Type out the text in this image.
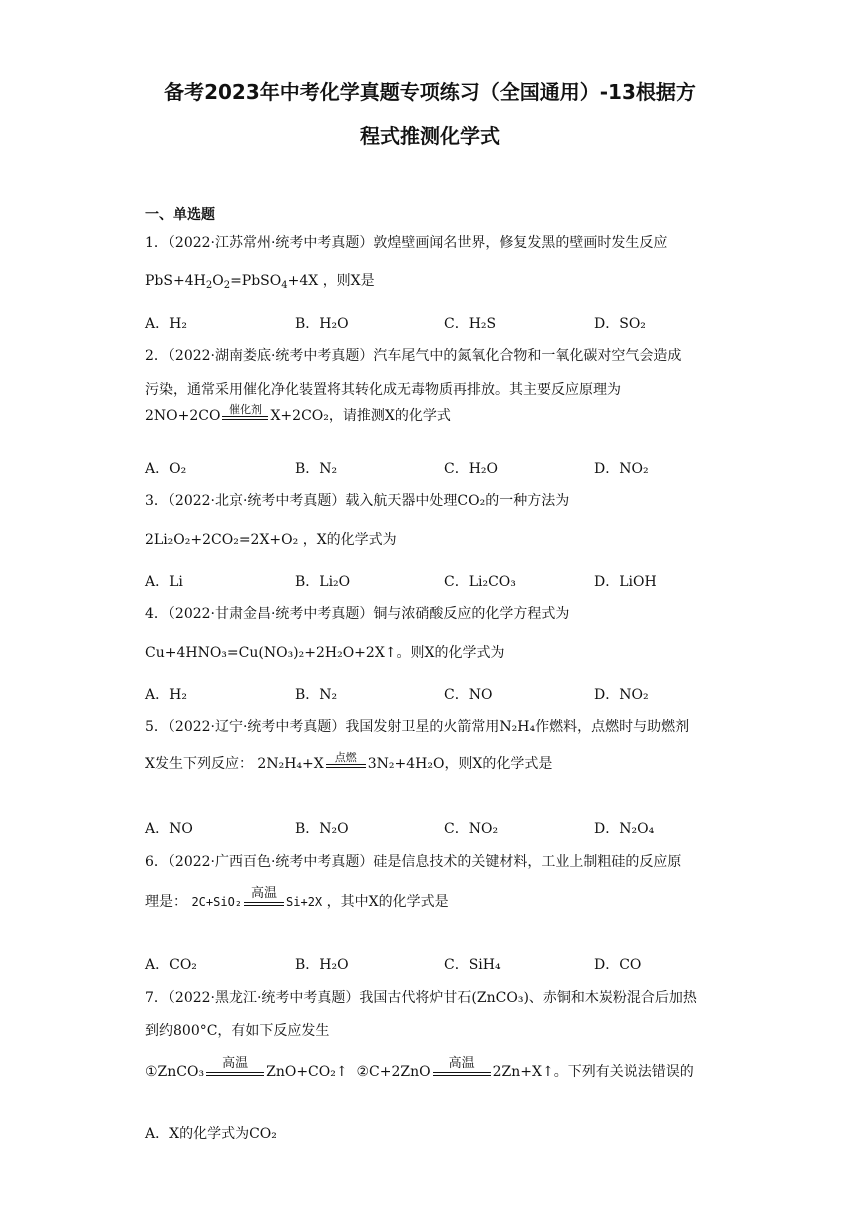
备考2023年中考化学真题专项练习（全国通用）-13根据方
程式推测化学式
一、单选题
1．（2022·江苏常州·统考中考真题）敦煌壁画闻名世界，修复发黑的壁画时发生反应
$PbS+4H_2O_2=PbSO_4+4X$ ，则X是
A．H₂	B．H₂O	C．H₂S	D．SO₂
2．（2022·湖南娄底·统考中考真题）汽车尾气中的氮氧化合物和一氧化碳对空气会造成
污染，通常采用催化净化装置将其转化成无毒物质再排放。其主要反应原理为
2NO+2CO 催化剂 X+2CO₂，请推测X的化学式
A．O₂	B．N₂	C．H₂O	D．NO₂
3．（2022·北京·统考中考真题）载入航天器中处理CO₂的一种方法为
2Li₂O₂+2CO₂=2X+O₂ ，X的化学式为
A．Li	B．Li₂O	C．Li₂CO₃	D．LiOH
4．（2022·甘肃金昌·统考中考真题）铜与浓硝酸反应的化学方程式为
Cu+4HNO₃=Cu(NO₃)₂+2H₂O+2X↑。则X的化学式为
A．H₂	B．N₂	C．NO	D．NO₂
5．（2022·辽宁·统考中考真题）我国发射卫星的火箭常用N₂H₄作燃料，点燃时与助燃剂
X发生下列反应： 2N₂H₄+X	点燃 3N₂+4H₂O，则X的化学式是
A．NO	B．N₂O	C．NO₂	D．N₂O₄
6．（2022·广西百色·统考中考真题）硅是信息技术的关键材料，工业上制粗硅的反应原
理是： 2C+SiO₂
高温
Si+2X ，其中X的化学式是
A．CO₂	B．H₂O	C．SiH₄	D．CO
7．（2022·黑龙江·统考中考真题）我国古代将炉甘石(ZnCO₃)、赤铜和木炭粉混合后加热
到约800°C，有如下反应发生
①ZnCO₃
高温
ZnO+CO₂↑ ②C+2ZnO
高温
2Zn+X↑。下列有关说法错误的
A．X的化学式为CO₂
